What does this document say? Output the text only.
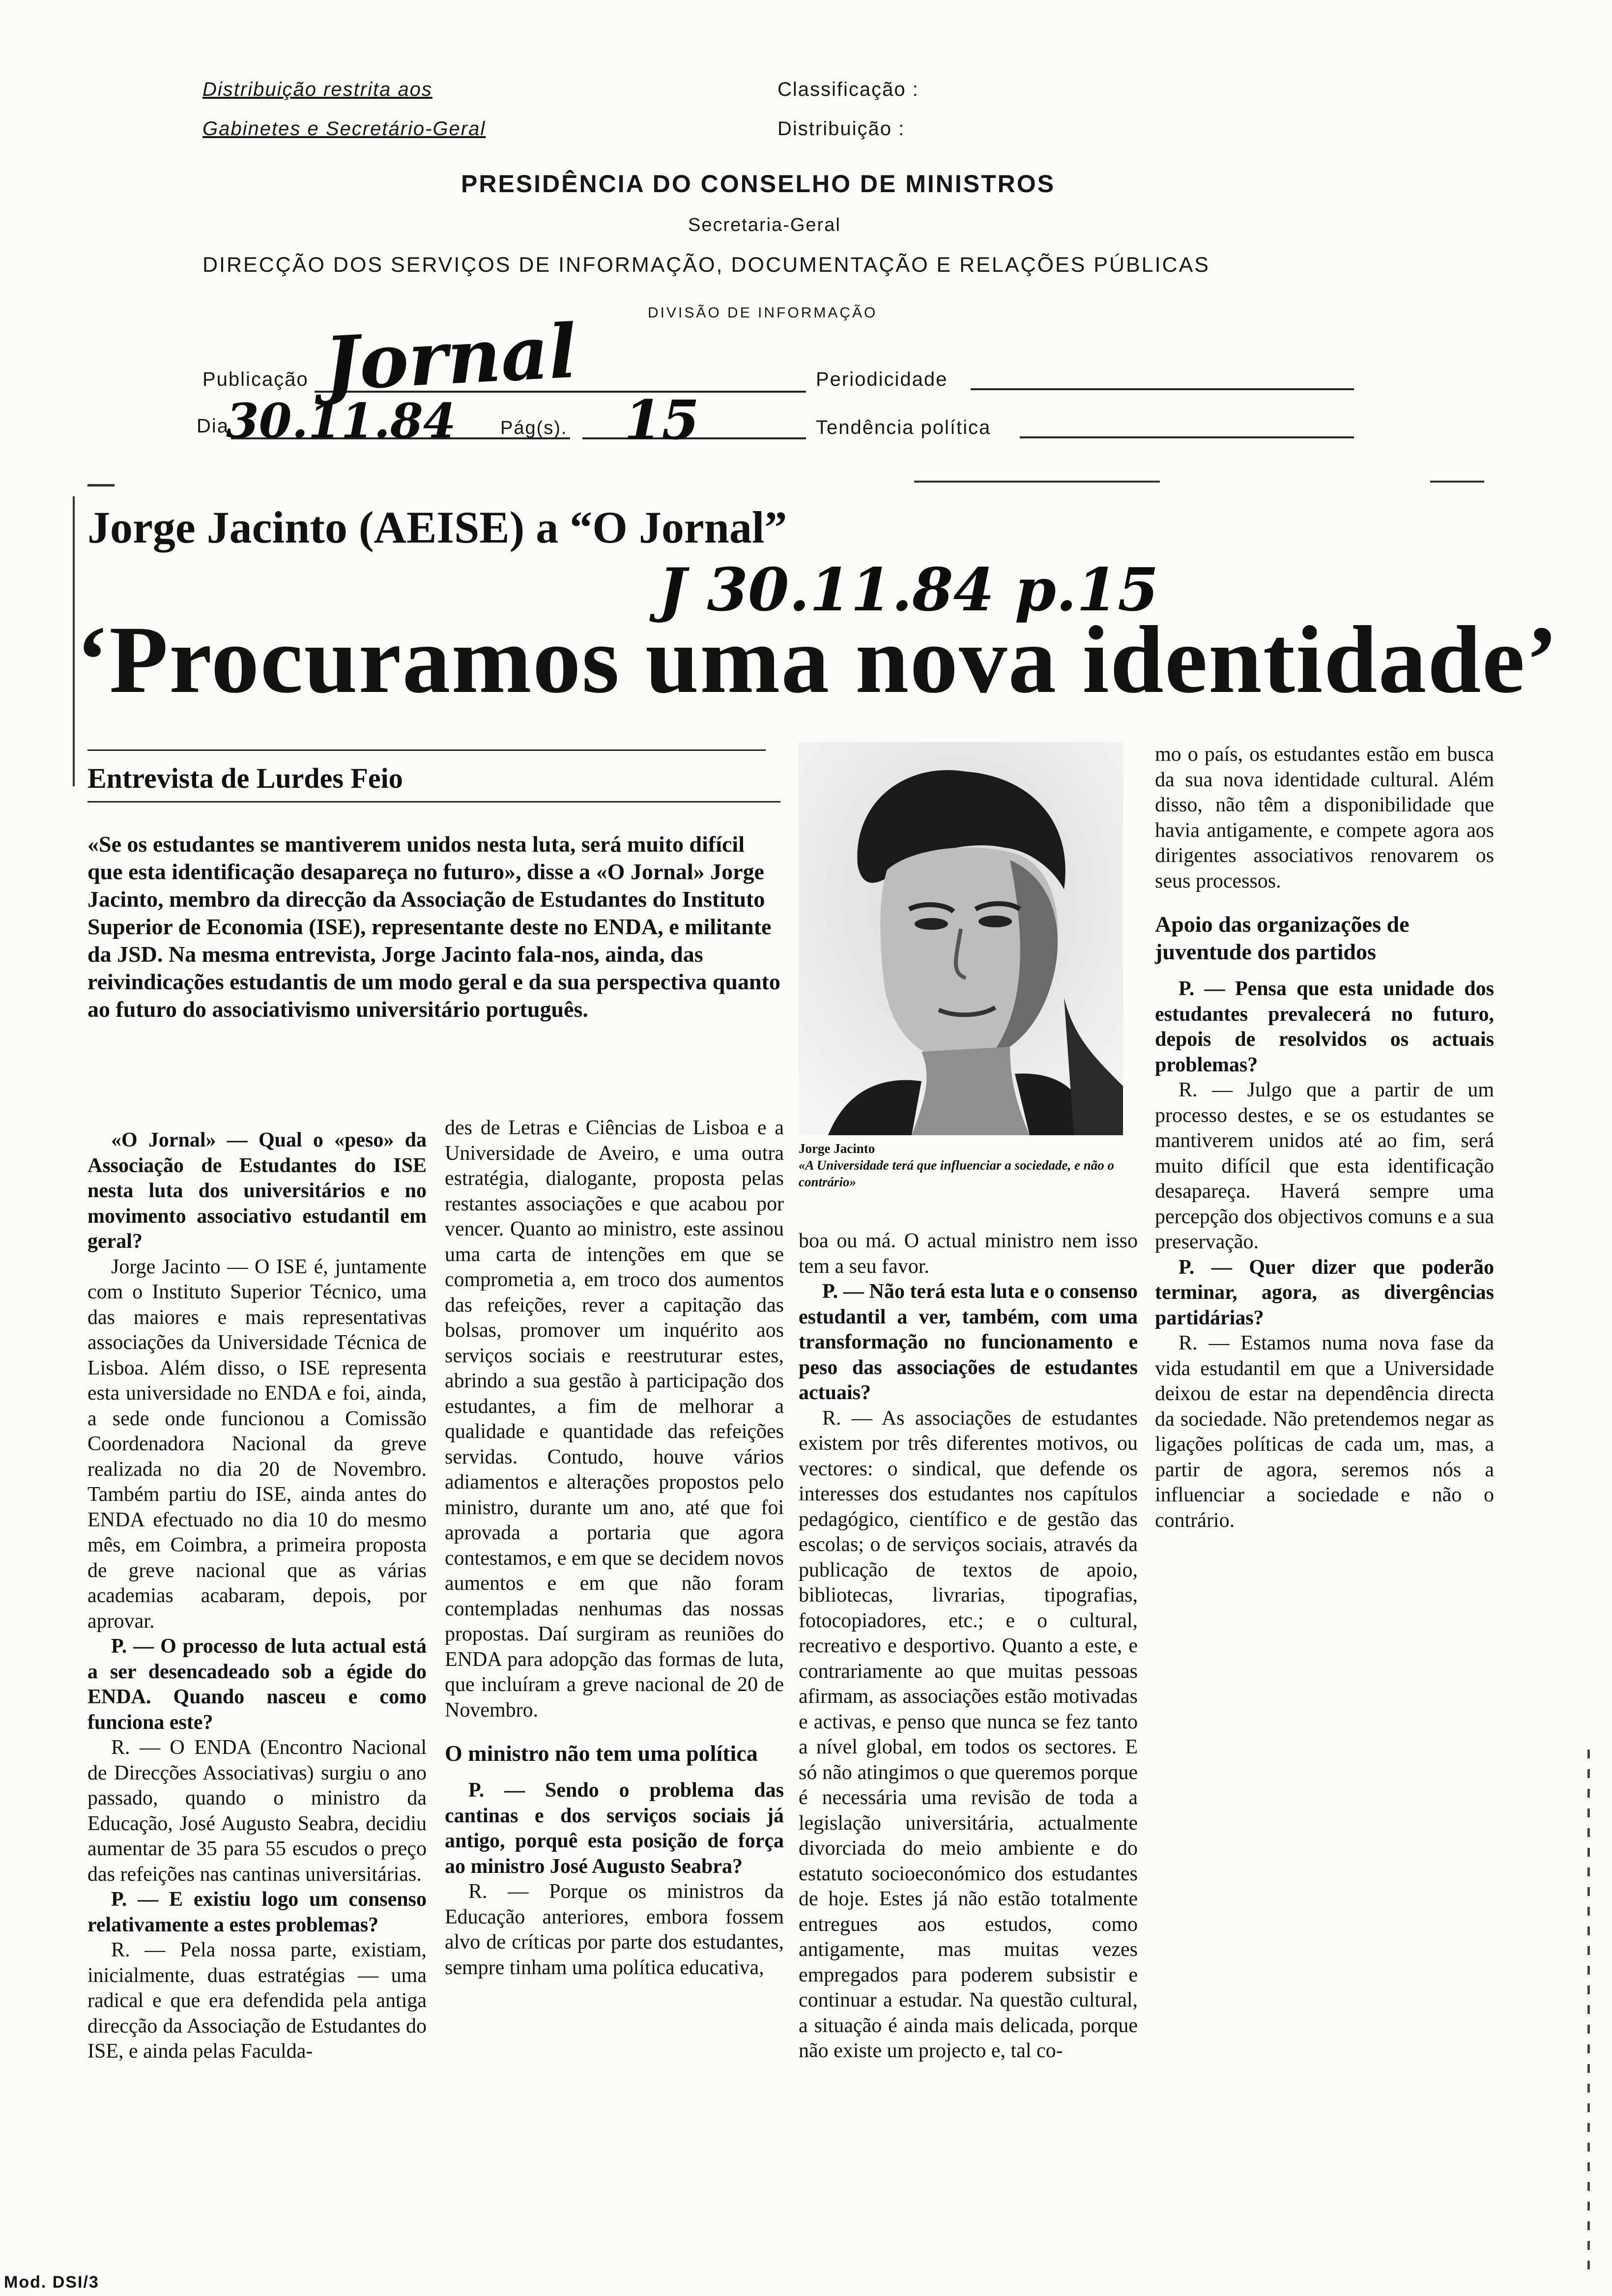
Distribuição restrita aos
Gabinetes e Secretário-Geral
Classificação :
Distribuição :
PRESIDÊNCIA DO CONSELHO DE MINISTROS
Secretaria-Geral
DIRECÇÃO DOS SERVIÇOS DE INFORMAÇÃO, DOCUMENTAÇÃO E RELAÇÕES PÚBLICAS
DIVISÃO DE INFORMAÇÃO
Publicação Jornal
Dia
30.11.84 Pág(s). 15
Periodicidade
Tendência política
Jorge Jacinto (AEISE) a “O Jornal”
J 30.11.84 p.15
‘Procuramos uma nova identidade’
Entrevista de Lurdes Feio
«Se os estudantes se mantiverem unidos nesta luta, será muito difícil que esta identificação desapareça no futuro», disse a «O Jornal» Jorge Jacinto, membro da direcção da Associação de Estudantes do Instituto Superior de Economia (ISE), representante deste no ENDA, e militante da JSD. Na mesma entrevista, Jorge Jacinto fala-nos, ainda, das reivindicações estudantis de um modo geral e da sua perspectiva quanto ao futuro do associativismo universitário português.
Jorge Jacinto
«A Universidade terá que influenciar a sociedade, e não o contrário»

«O Jornal» — Qual o «peso» da Associação de Estudantes do ISE nesta luta dos universitários e no movimento associativo estudantil em geral?

Jorge Jacinto — O ISE é, juntamente com o Instituto Superior Técnico, uma das maiores e mais representativas associações da Universidade Técnica de Lisboa. Além disso, o ISE representa esta universidade no ENDA e foi, ainda, a sede onde funcionou a Comissão Coordenadora Nacional da greve realizada no dia 20 de Novembro. Também partiu do ISE, ainda antes do ENDA efectuado no dia 10 do mesmo mês, em Coimbra, a primeira proposta de greve nacional que as várias academias acabaram, depois, por aprovar.

P. — O processo de luta actual está a ser desencadeado sob a égide do ENDA. Quando nasceu e como funciona este?

R. — O ENDA (Encontro Nacional de Direcções Associativas) surgiu o ano passado, quando o ministro da Educação, José Augusto Seabra, decidiu aumentar de 35 para 55 escudos o preço das refeições nas cantinas universitárias.

P. — E existiu logo um consenso relativamente a estes problemas?

R. — Pela nossa parte, existiam, inicialmente, duas estratégias — uma radical e que era defendida pela antiga direcção da Associação de Estudantes do ISE, e ainda pelas Faculda-

des de Letras e Ciências de Lisboa e a Universidade de Aveiro, e uma outra estratégia, dialogante, proposta pelas restantes associações e que acabou por vencer. Quanto ao ministro, este assinou uma carta de intenções em que se comprometia a, em troco dos aumentos das refeições, rever a capitação das bolsas, promover um inquérito aos serviços sociais e reestruturar estes, abrindo a sua gestão à participação dos estudantes, a fim de melhorar a qualidade e quantidade das refeições servidas. Contudo, houve vários adiamentos e alterações propostos pelo ministro, durante um ano, até que foi aprovada a portaria que agora contestamos, e em que se decidem novos aumentos e em que não foram contempladas nenhumas das nossas propostas. Daí surgiram as reuniões do ENDA para adopção das formas de luta, que incluíram a greve nacional de 20 de Novembro.

O ministro não tem uma política

P. — Sendo o problema das cantinas e dos serviços sociais já antigo, porquê esta posição de força ao ministro José Augusto Seabra?

R. — Porque os ministros da Educação anteriores, embora fossem alvo de críticas por parte dos estudantes, sempre tinham uma política educativa,

boa ou má. O actual ministro nem isso tem a seu favor.

P. — Não terá esta luta e o consenso estudantil a ver, também, com uma transformação no funcionamento e peso das associações de estudantes actuais?

R. — As associações de estudantes existem por três diferentes motivos, ou vectores: o sindical, que defende os interesses dos estudantes nos capítulos pedagógico, científico e de gestão das escolas; o de serviços sociais, através da publicação de textos de apoio, bibliotecas, livrarias, tipografias, fotocopiadores, etc.; e o cultural, recreativo e desportivo. Quanto a este, e contrariamente ao que muitas pessoas afirmam, as associações estão motivadas e activas, e penso que nunca se fez tanto a nível global, em todos os sectores. E só não atingimos o que queremos porque é necessária uma revisão de toda a legislação universitária, actualmente divorciada do meio ambiente e do estatuto socioeconómico dos estudantes de hoje. Estes já não estão totalmente entregues aos estudos, como antigamente, mas muitas vezes empregados para poderem subsistir e continuar a estudar. Na questão cultural, a situação é ainda mais delicada, porque não existe um projecto e, tal co-

mo o país, os estudantes estão em busca da sua nova identidade cultural. Além disso, não têm a disponibilidade que havia antigamente, e compete agora aos dirigentes associativos renovarem os seus processos.

Apoio das organizações de juventude dos partidos

P. — Pensa que esta unidade dos estudantes prevalecerá no futuro, depois de resolvidos os actuais problemas?

R. — Julgo que a partir de um processo destes, e se os estudantes se mantiverem unidos até ao fim, será muito difícil que esta identificação desapareça. Haverá sempre uma percepção dos objectivos comuns e a sua preservação.

P. — Quer dizer que poderão terminar, agora, as divergências partidárias?

R. — Estamos numa nova fase da vida estudantil em que a Universidade deixou de estar na dependência directa da sociedade. Não pretendemos negar as ligações políticas de cada um, mas, a partir de agora, seremos nós a influenciar a sociedade e não o contrário.

Mod. DSI/3
